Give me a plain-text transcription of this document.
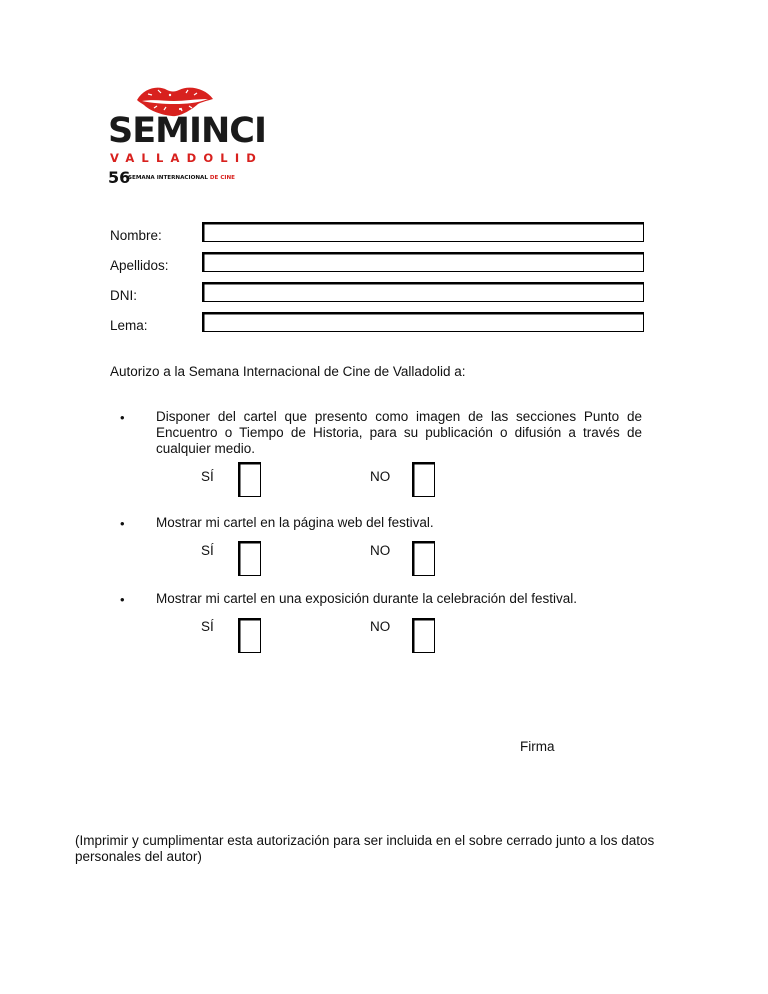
SEMINCI
VALLADOLID
56
SEMANA INTERNACIONAL DE CINE
Nombre:
Apellidos:
DNI:
Lema:
Autorizo a la Semana Internacional de Cine de Valladolid a:
• Disponer del cartel que presento como imagen de las secciones Punto de Encuentro o Tiempo de Historia, para su publicación o difusión a través de cualquier medio.
SÍ	NO
• Mostrar mi cartel en la página web del festival.
SÍ	NO
• Mostrar mi cartel en una exposición durante la celebración del festival.
SÍ	NO
Firma
(Imprimir y cumplimentar esta autorización para ser incluida en el sobre cerrado junto a los datos personales del autor)
